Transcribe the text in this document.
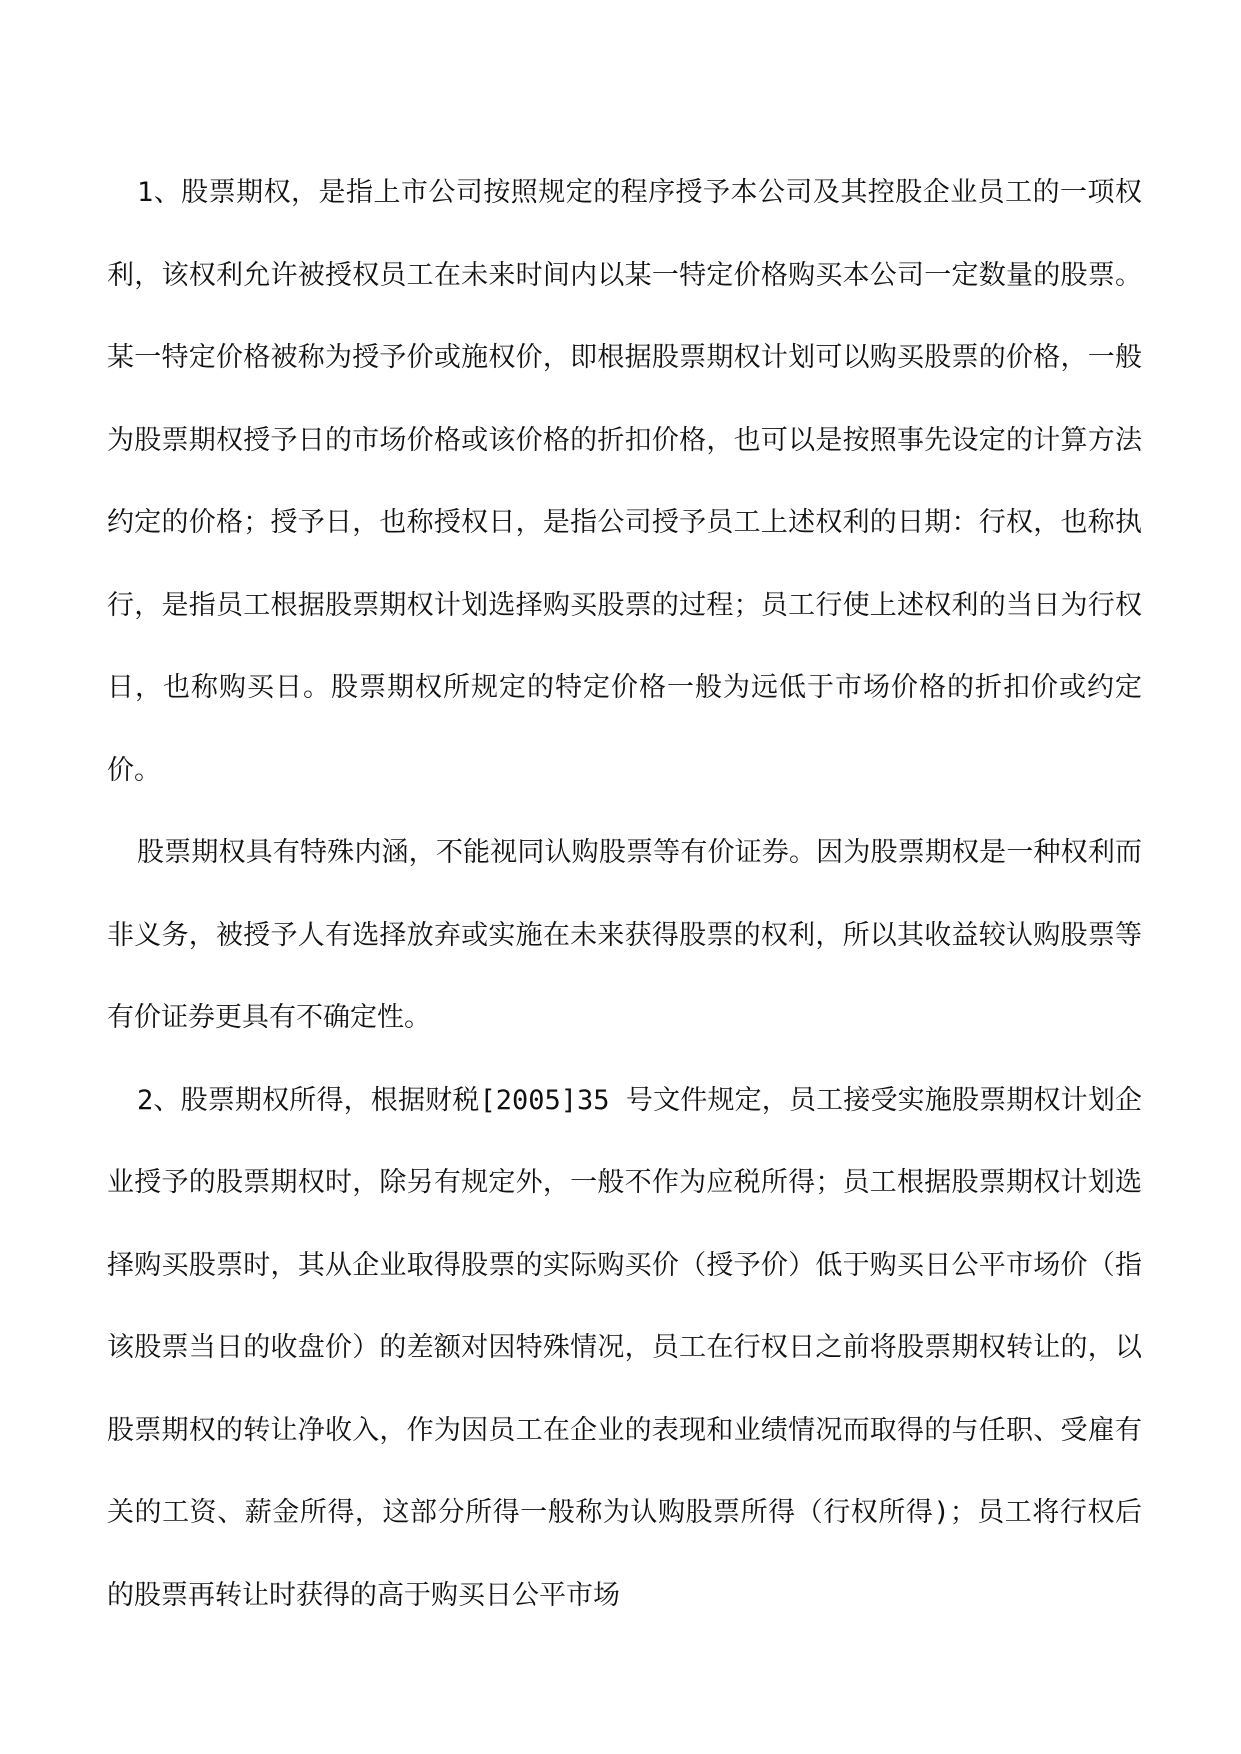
1、股票期权，是指上市公司按照规定的程序授予本公司及其控股企业员工的一项权利，该权利允许被授权员工在未来时间内以某一特定价格购买本公司一定数量的股票。某一特定价格被称为授予价或施权价，即根据股票期权计划可以购买股票的价格，一般为股票期权授予日的市场价格或该价格的折扣价格，也可以是按照事先设定的计算方法约定的价格；授予日，也称授权日，是指公司授予员工上述权利的日期：行权，也称执行，是指员工根据股票期权计划选择购买股票的过程；员工行使上述权利的当日为行权日，也称购买日。股票期权所规定的特定价格一般为远低于市场价格的折扣价或约定价。

股票期权具有特殊内涵，不能视同认购股票等有价证券。因为股票期权是一种权利而非义务，被授予人有选择放弃或实施在未来获得股票的权利，所以其收益较认购股票等有价证券更具有不确定性。

2、股票期权所得，根据财税[2005]35 号文件规定，员工接受实施股票期权计划企业授予的股票期权时，除另有规定外，一般不作为应税所得；员工根据股票期权计划选择购买股票时，其从企业取得股票的实际购买价（授予价）低于购买日公平市场价（指该股票当日的收盘价）的差额对因特殊情况，员工在行权日之前将股票期权转让的，以股票期权的转让净收入，作为因员工在企业的表现和业绩情况而取得的与任职、受雇有关的工资、薪金所得，这部分所得一般称为认购股票所得（行权所得)；员工将行权后的股票再转让时获得的高于购买日公平市场
